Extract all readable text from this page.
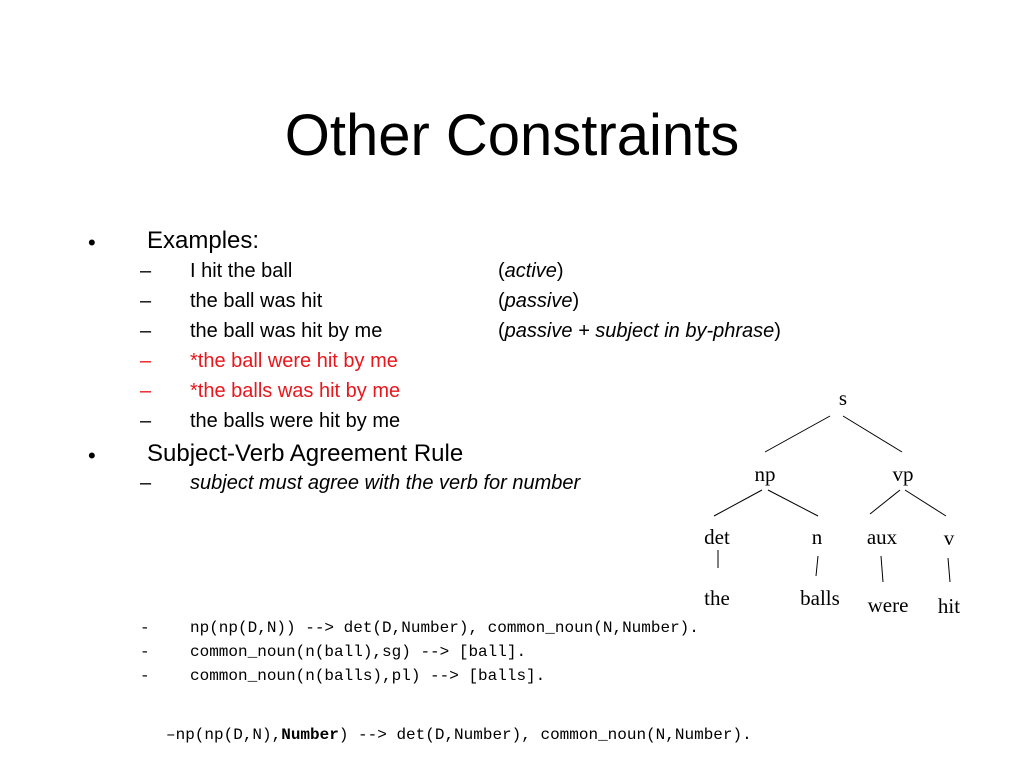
Other Constraints
• Examples:
– I hit the ball	(active)
– the ball was hit	(passive)
– the ball was hit by me	(passive + subject in by-phrase)
– *the ball were hit by me
– *the balls was hit by me
– the balls were hit by me
• Subject-Verb Agreement Rule
– subject must agree with the verb for number
s
np	vp
det	n aux v
the	balls were hit
-	np(np(D,N)) --> det(D,Number), common_noun(N,Number).
-	common_noun(n(ball),sg) --> [ball].
-	common_noun(n(balls),pl) --> [balls].
–np(np(D,N),Number) --> det(D,Number), common_noun(N,Number).
